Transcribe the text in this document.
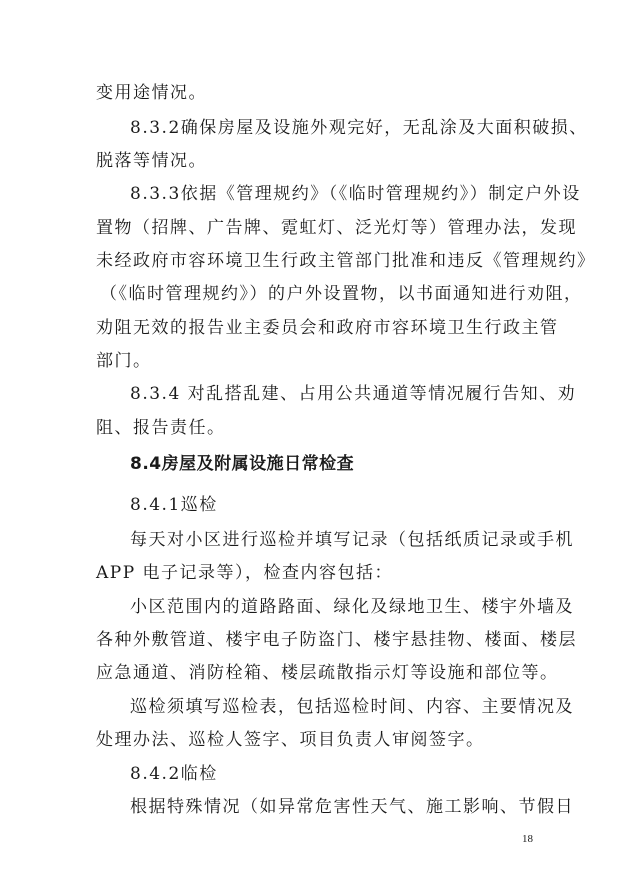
变用途情况。
8.3.2确保房屋及设施外观完好，无乱涂及大面积破损、
脱落等情况。
8.3.3依据《管理规约》（《临时管理规约》）制定户外设
置物（招牌、广告牌、霓虹灯、泛光灯等）管理办法，发现
未经政府市容环境卫生行政主管部门批准和违反《管理规约》
（《临时管理规约》）的户外设置物，以书面通知进行劝阻，
劝阻无效的报告业主委员会和政府市容环境卫生行政主管
部门。
8.3.4 对乱搭乱建、占用公共通道等情况履行告知、劝
阻、报告责任。
8.4房屋及附属设施日常检查
8.4.1巡检
每天对小区进行巡检并填写记录（包括纸质记录或手机
APP 电子记录等），检查内容包括：
小区范围内的道路路面、绿化及绿地卫生、楼宇外墙及
各种外敷管道、楼宇电子防盗门、楼宇悬挂物、楼面、楼层
应急通道、消防栓箱、楼层疏散指示灯等设施和部位等。
巡检须填写巡检表，包括巡检时间、内容、主要情况及
处理办法、巡检人签字、项目负责人审阅签字。
8.4.2临检
根据特殊情况（如异常危害性天气、施工影响、节假日
18
